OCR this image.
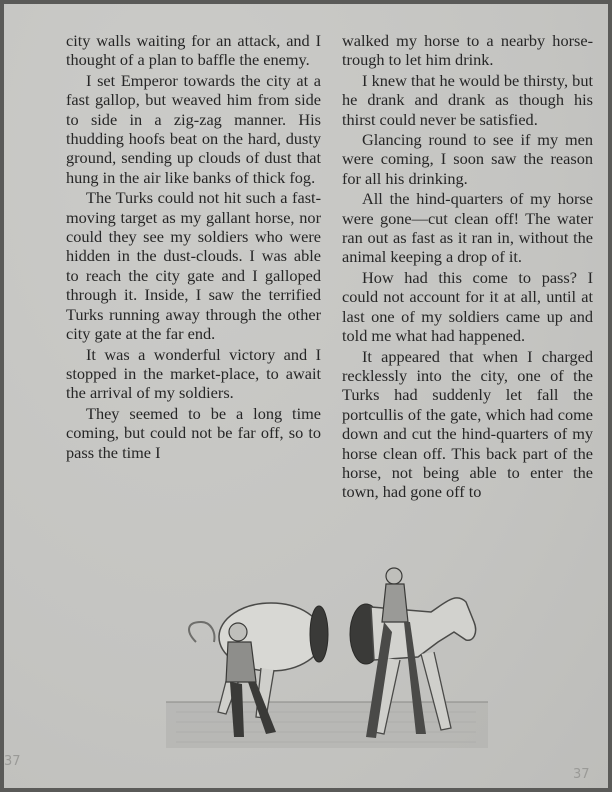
city walls waiting for an attack, and I thought of a plan to baffle the enemy.

I set Emperor towards the city at a fast gallop, but weaved him from side to side in a zig-zag manner. His thudding hoofs beat on the hard, dusty ground, sending up clouds of dust that hung in the air like banks of thick fog.

The Turks could not hit such a fast-moving target as my gallant horse, nor could they see my soldiers who were hidden in the dust-clouds. I was able to reach the city gate and I galloped through it. Inside, I saw the terrified Turks running away through the other city gate at the far end.

It was a wonderful victory and I stopped in the market-place, to await the arrival of my soldiers.

They seemed to be a long time coming, but could not be far off, so to pass the time I

walked my horse to a nearby horse-trough to let him drink.

I knew that he would be thirsty, but he drank and drank as though his thirst could never be satisfied.

Glancing round to see if my men were coming, I soon saw the reason for all his drinking.

All the hind-quarters of my horse were gone—cut clean off! The water ran out as fast as it ran in, without the animal keeping a drop of it.

How had this come to pass? I could not account for it at all, until at last one of my soldiers came up and told me what had happened.

It appeared that when I charged recklessly into the city, one of the Turks had suddenly let fall the portcullis of the gate, which had come down and cut the hind-quarters of my horse clean off. This back part of the horse, not being able to enter the town, had gone off to

37
37
